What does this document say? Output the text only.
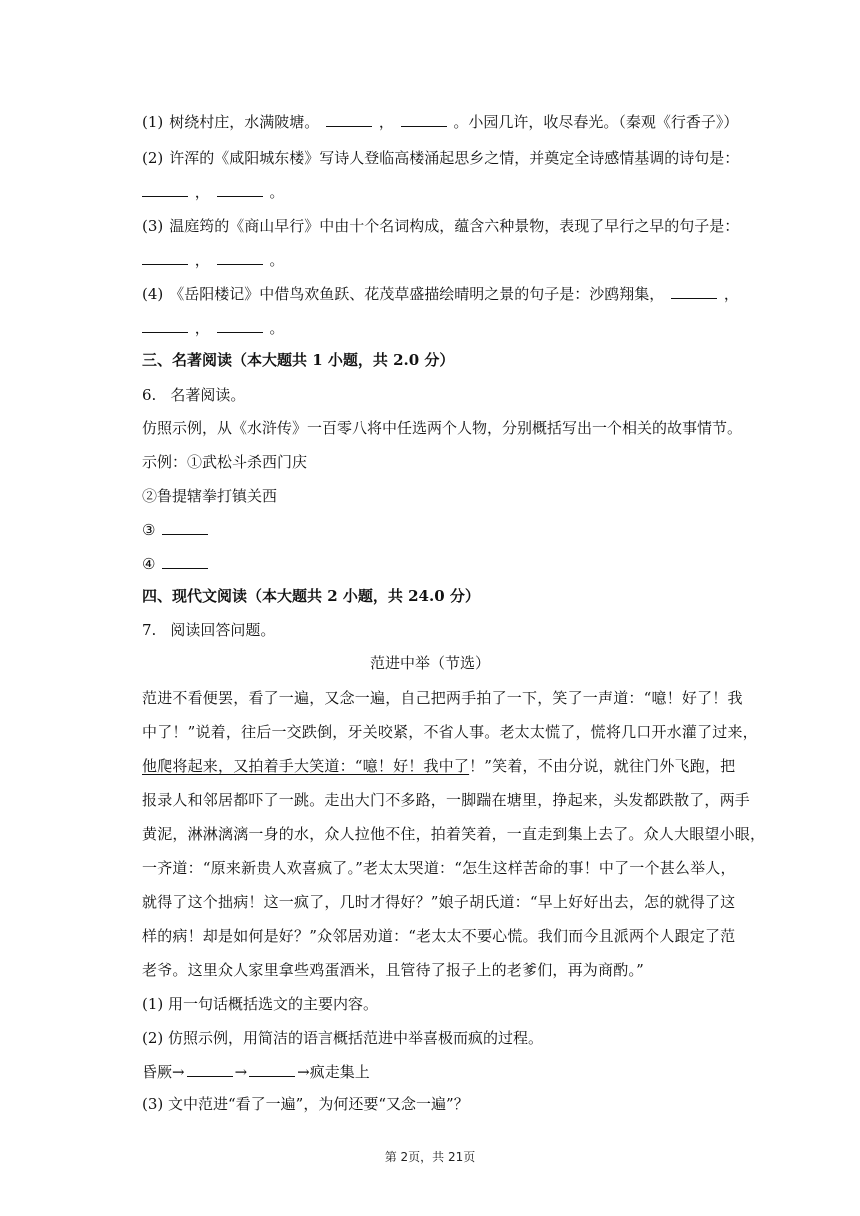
(1) 树绕村庄，水满陂塘。	，	。小园几许，收尽春光。（秦观《行香子》）
(2) 许浑的《咸阳城东楼》写诗人登临高楼涌起思乡之情，并奠定全诗感情基调的诗句是：
，	。
(3) 温庭筠的《商山早行》中由十个名词构成，蕴含六种景物，表现了早行之早的句子是：
，	。
(4) 《岳阳楼记》中借鸟欢鱼跃、花茂草盛描绘晴明之景的句子是：沙鸥翔集，	，
，	。
三、名著阅读（本大题共 1 小题，共 2.0 分）
6. 名著阅读。
仿照示例，从《水浒传》一百零八将中任选两个人物，分别概括写出一个相关的故事情节。
示例：①武松斗杀西门庆
②鲁提辖拳打镇关西
③
④
四、现代文阅读（本大题共 2 小题，共 24.0 分）
7. 阅读回答问题。
范进中举（节选）
范进不看便罢，看了一遍，又念一遍，自己把两手拍了一下，笑了一声道：“噫！好了！我
中了！”说着，往后一交跌倒，牙关咬紧，不省人事。老太太慌了，慌将几口开水灌了过来，
他爬将起来，又拍着手大笑道：“噫！好！我中了！”笑着，不由分说，就往门外飞跑，把
报录人和邻居都吓了一跳。走出大门不多路，一脚踹在塘里，挣起来，头发都跌散了，两手
黄泥，淋淋漓漓一身的水，众人拉他不住，拍着笑着，一直走到集上去了。众人大眼望小眼，
一齐道：“原来新贵人欢喜疯了。”老太太哭道：“怎生这样苦命的事！中了一个甚么举人，
就得了这个拙病！这一疯了，几时才得好？”娘子胡氏道：“早上好好出去，怎的就得了这
样的病！却是如何是好？”众邻居劝道：“老太太不要心慌。我们而今且派两个人跟定了范
老爷。这里众人家里拿些鸡蛋酒米，且管待了报子上的老爹们，再为商酌。”
(1) 用一句话概括选文的主要内容。
(2) 仿照示例，用简洁的语言概括范进中举喜极而疯的过程。
昏厥→	→	→疯走集上
(3) 文中范进“看了一遍”，为何还要“又念一遍”？
第 2页，共 21页
